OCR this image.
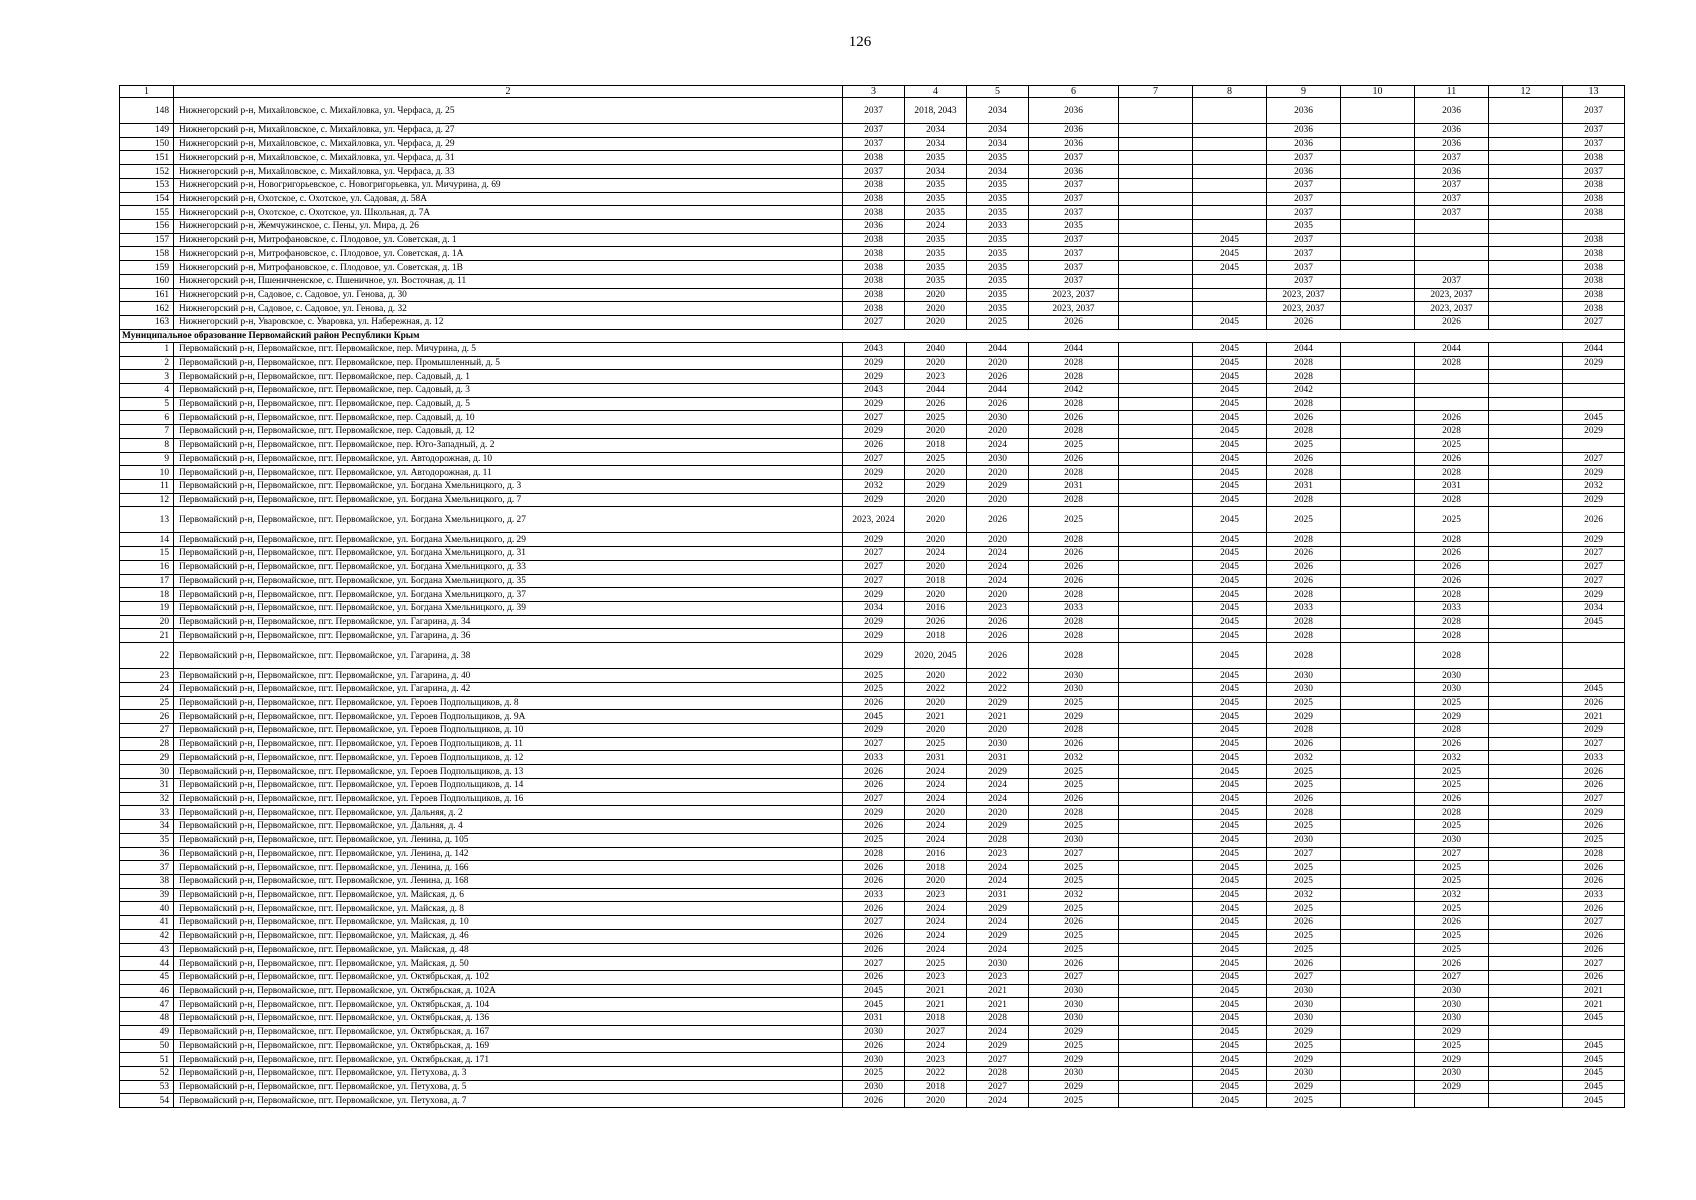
126
1	2	3	4	5	6	7	8	9	10	11	12	13
148	Нижнегорский р-н, Михайловское, с. Михайловка, ул. Черфаса, д. 25	2037	2018, 2043	2034	2036			2036		2036		2037
149	Нижнегорский р-н, Михайловское, с. Михайловка, ул. Черфаса, д. 27	2037	2034	2034	2036			2036		2036		2037
150	Нижнегорский р-н, Михайловское, с. Михайловка, ул. Черфаса, д. 29	2037	2034	2034	2036			2036		2036		2037
151	Нижнегорский р-н, Михайловское, с. Михайловка, ул. Черфаса, д. 31	2038	2035	2035	2037			2037		2037		2038
152	Нижнегорский р-н, Михайловское, с. Михайловка, ул. Черфаса, д. 33	2037	2034	2034	2036			2036		2036		2037
153	Нижнегорский р-н, Новогригорьевское, с. Новогригорьевка, ул. Мичурина, д. 69	2038	2035	2035	2037			2037		2037		2038
154	Нижнегорский р-н, Охотское, с. Охотское, ул. Садовая, д. 58А	2038	2035	2035	2037			2037		2037		2038
155	Нижнегорский р-н, Охотское, с. Охотское, ул. Школьная, д. 7А	2038	2035	2035	2037			2037		2037		2038
156	Нижнегорский р-н, Жемчужинское, с. Пены, ул. Мира, д. 26	2036	2024	2033	2035			2035				
157	Нижнегорский р-н, Митрофановское, с. Плодовое, ул. Советская, д. 1	2038	2035	2035	2037		2045	2037				2038
158	Нижнегорский р-н, Митрофановское, с. Плодовое, ул. Советская, д. 1А	2038	2035	2035	2037		2045	2037				2038
159	Нижнегорский р-н, Митрофановское, с. Плодовое, ул. Советская, д. 1В	2038	2035	2035	2037		2045	2037				2038
160	Нижнегорский р-н, Пшеничненское, с. Пшеничное, ул. Восточная, д. 11	2038	2035	2035	2037			2037		2037		2038
161	Нижнегорский р-н, Садовое, с. Садовое, ул. Генова, д. 30	2038	2020	2035	2023, 2037			2023, 2037		2023, 2037		2038
162	Нижнегорский р-н, Садовое, с. Садовое, ул. Генова, д. 32	2038	2020	2035	2023, 2037			2023, 2037		2023, 2037		2038
163	Нижнегорский р-н, Уваровское, с. Уваровка, ул. Набережная, д. 12	2027	2020	2025	2026		2045	2026		2026		2027
Муниципальное образование Первомайский район Республики Крым												
1	Первомайский р-н, Первомайское, пгт. Первомайское, пер. Мичурина, д. 5	2043	2040	2044	2044		2045	2044		2044		2044
2	Первомайский р-н, Первомайское, пгт. Первомайское, пер. Промышленный, д. 5	2029	2020	2020	2028		2045	2028		2028		2029
3	Первомайский р-н, Первомайское, пгт. Первомайское, пер. Садовый, д. 1	2029	2023	2026	2028		2045	2028				
4	Первомайский р-н, Первомайское, пгт. Первомайское, пер. Садовый, д. 3	2043	2044	2044	2042		2045	2042				
5	Первомайский р-н, Первомайское, пгт. Первомайское, пер. Садовый, д. 5	2029	2026	2026	2028		2045	2028				
6	Первомайский р-н, Первомайское, пгт. Первомайское, пер. Садовый, д. 10	2027	2025	2030	2026		2045	2026		2026		2045
7	Первомайский р-н, Первомайское, пгт. Первомайское, пер. Садовый, д. 12	2029	2020	2020	2028		2045	2028		2028		2029
8	Первомайский р-н, Первомайское, пгт. Первомайское, пер. Юго-Западный, д. 2	2026	2018	2024	2025		2045	2025		2025		
9	Первомайский р-н, Первомайское, пгт. Первомайское, ул. Автодорожная, д. 10	2027	2025	2030	2026		2045	2026		2026		2027
10	Первомайский р-н, Первомайское, пгт. Первомайское, ул. Автодорожная, д. 11	2029	2020	2020	2028		2045	2028		2028		2029
11	Первомайский р-н, Первомайское, пгт. Первомайское, ул. Богдана Хмельницкого, д. 3	2032	2029	2029	2031		2045	2031		2031		2032
12	Первомайский р-н, Первомайское, пгт. Первомайское, ул. Богдана Хмельницкого, д. 7	2029	2020	2020	2028		2045	2028		2028		2029
13	Первомайский р-н, Первомайское, пгт. Первомайское, ул. Богдана Хмельницкого, д. 27	2023, 2024	2020	2026	2025		2045	2025		2025		2026
14	Первомайский р-н, Первомайское, пгт. Первомайское, ул. Богдана Хмельницкого, д. 29	2029	2020	2020	2028		2045	2028		2028		2029
15	Первомайский р-н, Первомайское, пгт. Первомайское, ул. Богдана Хмельницкого, д. 31	2027	2024	2024	2026		2045	2026		2026		2027
16	Первомайский р-н, Первомайское, пгт. Первомайское, ул. Богдана Хмельницкого, д. 33	2027	2020	2024	2026		2045	2026		2026		2027
17	Первомайский р-н, Первомайское, пгт. Первомайское, ул. Богдана Хмельницкого, д. 35	2027	2018	2024	2026		2045	2026		2026		2027
18	Первомайский р-н, Первомайское, пгт. Первомайское, ул. Богдана Хмельницкого, д. 37	2029	2020	2020	2028		2045	2028		2028		2029
19	Первомайский р-н, Первомайское, пгт. Первомайское, ул. Богдана Хмельницкого, д. 39	2034	2016	2023	2033		2045	2033		2033		2034
20	Первомайский р-н, Первомайское, пгт. Первомайское, ул. Гагарина, д. 34	2029	2026	2026	2028		2045	2028		2028		2045
21	Первомайский р-н, Первомайское, пгт. Первомайское, ул. Гагарина, д. 36	2029	2018	2026	2028		2045	2028		2028		
22	Первомайский р-н, Первомайское, пгт. Первомайское, ул. Гагарина, д. 38	2029	2020, 2045	2026	2028		2045	2028		2028		
23	Первомайский р-н, Первомайское, пгт. Первомайское, ул. Гагарина, д. 40	2025	2020	2022	2030		2045	2030		2030		
24	Первомайский р-н, Первомайское, пгт. Первомайское, ул. Гагарина, д. 42	2025	2022	2022	2030		2045	2030		2030		2045
25	Первомайский р-н, Первомайское, пгт. Первомайское, ул. Героев Подпольщиков, д. 8	2026	2020	2029	2025		2045	2025		2025		2026
26	Первомайский р-н, Первомайское, пгт. Первомайское, ул. Героев Подпольщиков, д. 9А	2045	2021	2021	2029		2045	2029		2029		2021
27	Первомайский р-н, Первомайское, пгт. Первомайское, ул. Героев Подпольщиков, д. 10	2029	2020	2020	2028		2045	2028		2028		2029
28	Первомайский р-н, Первомайское, пгт. Первомайское, ул. Героев Подпольщиков, д. 11	2027	2025	2030	2026		2045	2026		2026		2027
29	Первомайский р-н, Первомайское, пгт. Первомайское, ул. Героев Подпольщиков, д. 12	2033	2031	2031	2032		2045	2032		2032		2033
30	Первомайский р-н, Первомайское, пгт. Первомайское, ул. Героев Подпольщиков, д. 13	2026	2024	2029	2025		2045	2025		2025		2026
31	Первомайский р-н, Первомайское, пгт. Первомайское, ул. Героев Подпольщиков, д. 14	2026	2024	2024	2025		2045	2025		2025		2026
32	Первомайский р-н, Первомайское, пгт. Первомайское, ул. Героев Подпольщиков, д. 16	2027	2024	2024	2026		2045	2026		2026		2027
33	Первомайский р-н, Первомайское, пгт. Первомайское, ул. Дальняя, д. 2	2029	2020	2020	2028		2045	2028		2028		2029
34	Первомайский р-н, Первомайское, пгт. Первомайское, ул. Дальняя, д. 4	2026	2024	2029	2025		2045	2025		2025		2026
35	Первомайский р-н, Первомайское, пгт. Первомайское, ул. Ленина, д. 105	2025	2024	2028	2030		2045	2030		2030		2025
36	Первомайский р-н, Первомайское, пгт. Первомайское, ул. Ленина, д. 142	2028	2016	2023	2027		2045	2027		2027		2028
37	Первомайский р-н, Первомайское, пгт. Первомайское, ул. Ленина, д. 166	2026	2018	2024	2025		2045	2025		2025		2026
38	Первомайский р-н, Первомайское, пгт. Первомайское, ул. Ленина, д. 168	2026	2020	2024	2025		2045	2025		2025		2026
39	Первомайский р-н, Первомайское, пгт. Первомайское, ул. Майская, д. 6	2033	2023	2031	2032		2045	2032		2032		2033
40	Первомайский р-н, Первомайское, пгт. Первомайское, ул. Майская, д. 8	2026	2024	2029	2025		2045	2025		2025		2026
41	Первомайский р-н, Первомайское, пгт. Первомайское, ул. Майская, д. 10	2027	2024	2024	2026		2045	2026		2026		2027
42	Первомайский р-н, Первомайское, пгт. Первомайское, ул. Майская, д. 46	2026	2024	2029	2025		2045	2025		2025		2026
43	Первомайский р-н, Первомайское, пгт. Первомайское, ул. Майская, д. 48	2026	2024	2024	2025		2045	2025		2025		2026
44	Первомайский р-н, Первомайское, пгт. Первомайское, ул. Майская, д. 50	2027	2025	2030	2026		2045	2026		2026		2027
45	Первомайский р-н, Первомайское, пгт. Первомайское, ул. Октябрьская, д. 102	2026	2023	2023	2027		2045	2027		2027		2026
46	Первомайский р-н, Первомайское, пгт. Первомайское, ул. Октябрьская, д. 102А	2045	2021	2021	2030		2045	2030		2030		2021
47	Первомайский р-н, Первомайское, пгт. Первомайское, ул. Октябрьская, д. 104	2045	2021	2021	2030		2045	2030		2030		2021
48	Первомайский р-н, Первомайское, пгт. Первомайское, ул. Октябрьская, д. 136	2031	2018	2028	2030		2045	2030		2030		2045
49	Первомайский р-н, Первомайское, пгт. Первомайское, ул. Октябрьская, д. 167	2030	2027	2024	2029		2045	2029		2029		
50	Первомайский р-н, Первомайское, пгт. Первомайское, ул. Октябрьская, д. 169	2026	2024	2029	2025		2045	2025		2025		2045
51	Первомайский р-н, Первомайское, пгт. Первомайское, ул. Октябрьская, д. 171	2030	2023	2027	2029		2045	2029		2029		2045
52	Первомайский р-н, Первомайское, пгт. Первомайское, ул. Петухова, д. 3	2025	2022	2028	2030		2045	2030		2030		2045
53	Первомайский р-н, Первомайское, пгт. Первомайское, ул. Петухова, д. 5	2030	2018	2027	2029		2045	2029		2029		2045
54	Первомайский р-н, Первомайское, пгт. Первомайское, ул. Петухова, д. 7	2026	2020	2024	2025		2045	2025				2045
